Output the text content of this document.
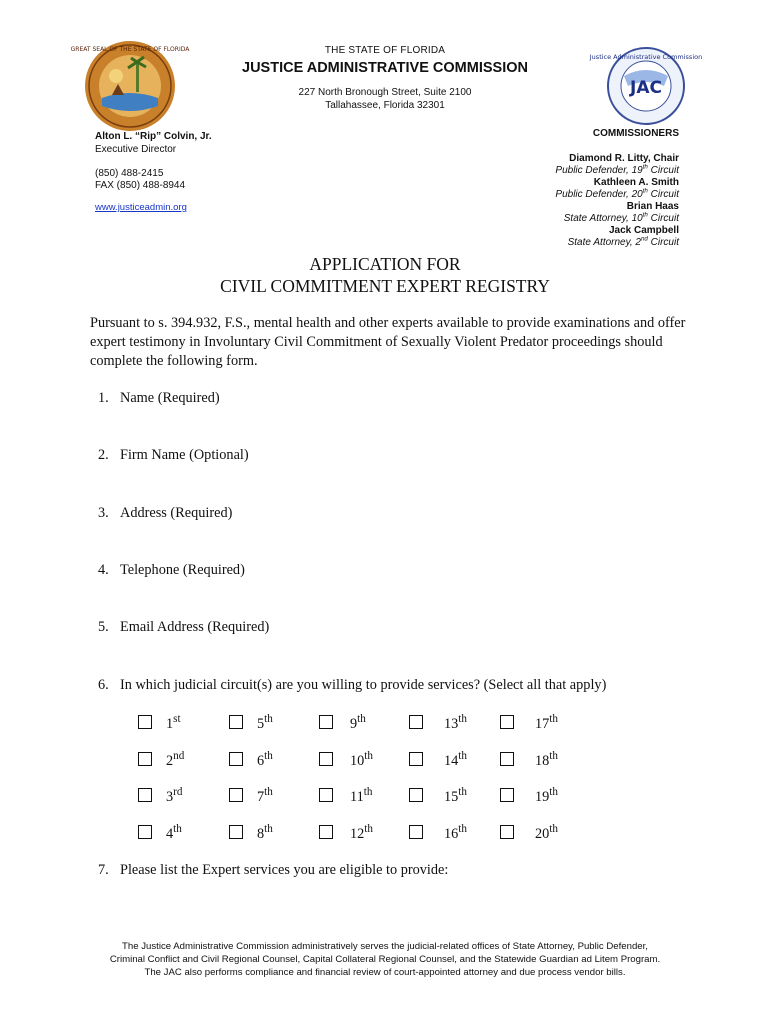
GREAT SEAL OF THE STATE OF FLORIDA
JAC
Justice Administrative Commission
THE STATE OF FLORIDA
JUSTICE ADMINISTRATIVE COMMISSION
227 North Bronough Street, Suite 2100
Tallahassee, Florida 32301
Alton L. “Rip” Colvin, Jr.
Executive Director
(850) 488-2415
FAX (850) 488-8944
www.justiceadmin.org
COMMISSIONERS
Diamond R. Litty, Chair
Public Defender, 19th Circuit
Kathleen A. Smith
Public Defender, 20th Circuit
Brian Haas
State Attorney, 10th Circuit
Jack Campbell
State Attorney, 2nd Circuit
APPLICATION FOR
CIVIL COMMITMENT EXPERT REGISTRY
Pursuant to s. 394.932, F.S., mental health and other experts available to provide examinations and offer expert testimony in Involuntary Civil Commitment of Sexually Violent Predator proceedings should complete the following form.
1. Name (Required)
2. Firm Name (Optional)
3. Address (Required)
4. Telephone (Required)
5. Email Address (Required)
6. In which judicial circuit(s) are you willing to provide services? (Select all that apply)
7. Please list the Expert services you are eligible to provide:
1st	5th	9th	13th	17th
2nd	6th	10th	14th	18th
3rd	7th	11th	15th	19th
4th	8th	12th	16th	20th
The Justice Administrative Commission administratively serves the judicial-related offices of State Attorney, Public Defender,
Criminal Conflict and Civil Regional Counsel, Capital Collateral Regional Counsel, and the Statewide Guardian ad Litem Program.
The JAC also performs compliance and financial review of court-appointed attorney and due process vendor bills.
